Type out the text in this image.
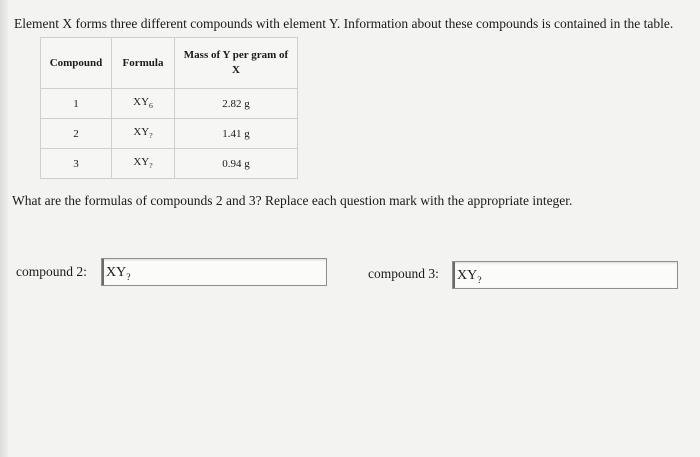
Element X forms three different compounds with element Y. Information about these compounds is contained in the table.
Compound	Formula	Mass of Y per gram of X
1	$XY_6$	2.82 g
2	$XY_?$	1.41 g
3	$XY_?$	0.94 g
What are the formulas of compounds 2 and 3? Replace each question mark with the appropriate integer.
compound 2:	$XY_?$	compound 3:	$XY_?$
